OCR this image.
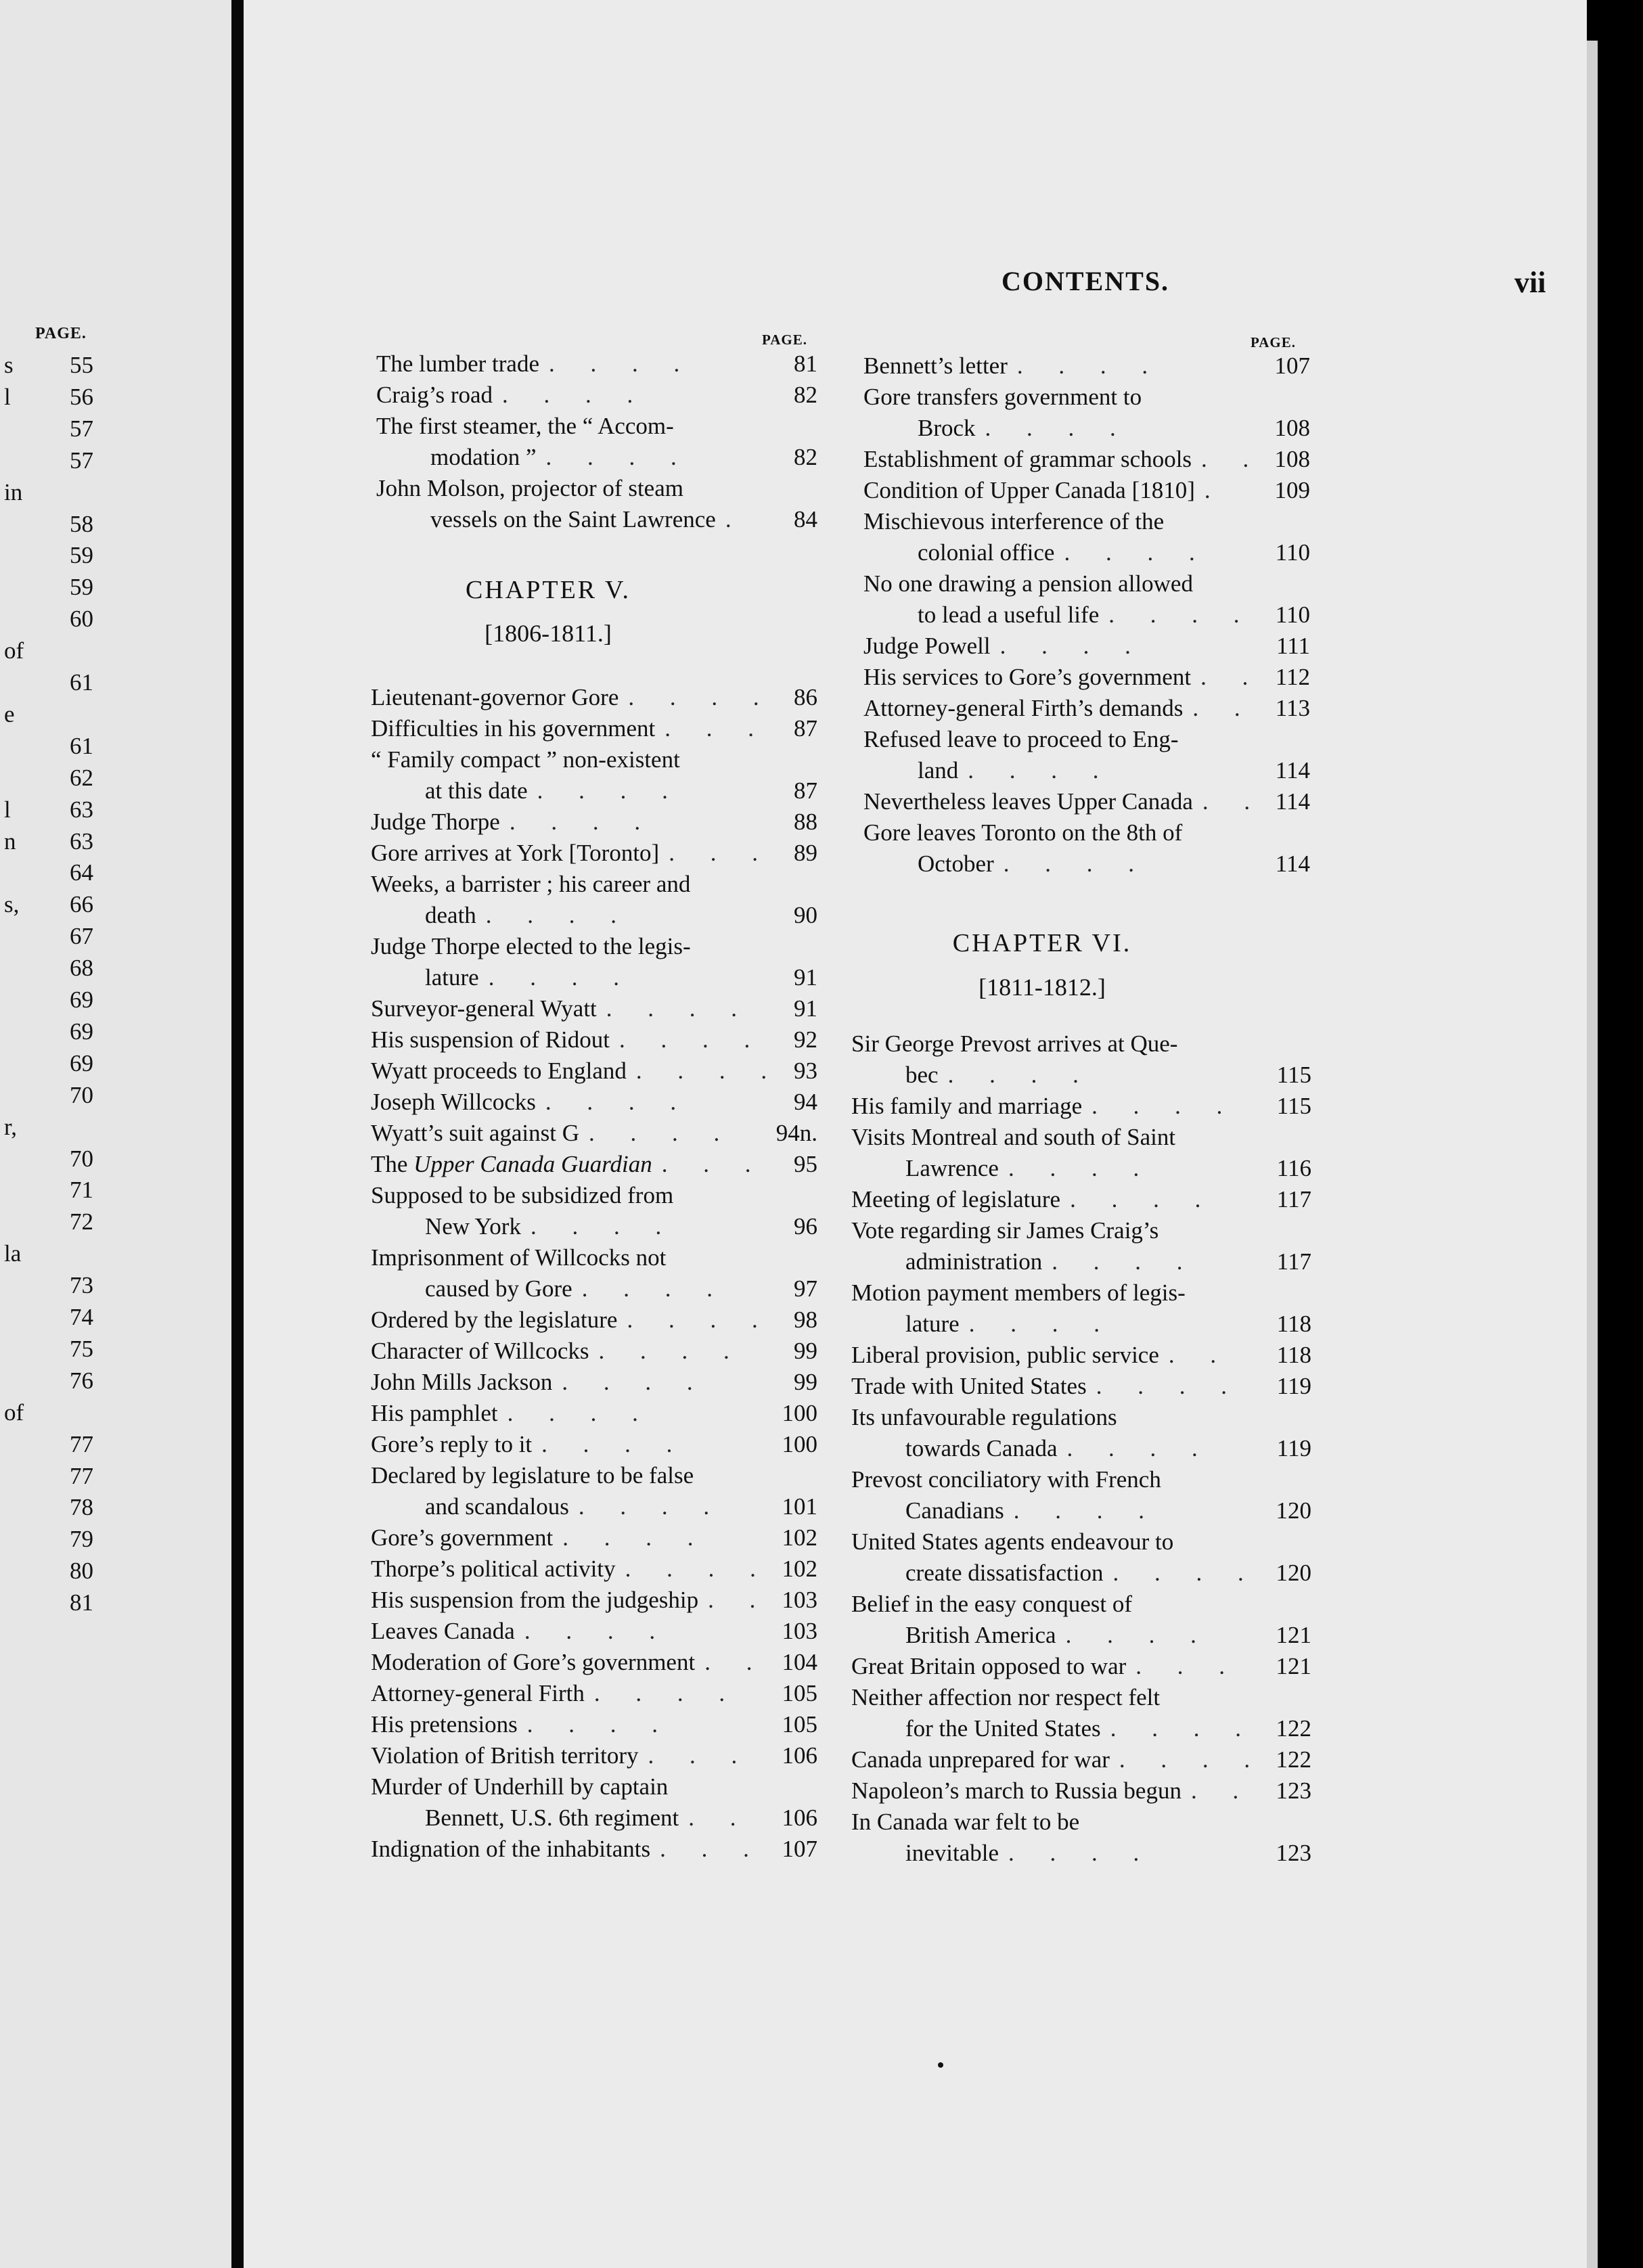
PAGE.
s 55
l 56
57
57
in
58
59
59
60
of
61
e
61
62
l 63
n 63
64
s, 66
67
68
69
69
69
70
r,
70
71
72
la
73
74
75
76
of
77
77
78
79
80
81
CONTENTS.	vii
PAGE.	PAGE.
CHAPTER V.
[1806-1811.]
CHAPTER VI.
[1811-1812.]
The lumber trade . . . .	81
Craig’s road . . . .	82
The first steamer, the “ Accom-
modation ” . . . .	82
John Molson, projector of steam
vessels on the Saint Lawrence . 84
Lieutenant-governor Gore . . . . 86
Difficulties in his government . . . 87
“ Family compact ” non-existent
at this date . . . .	87
Judge Thorpe . . . .	88
Gore arrives at York [Toronto] . . . 89
Weeks, a barrister ; his career and
death . . . .	90
Judge Thorpe elected to the legis-
lature . . . .	91
Surveyor-general Wyatt . . . . 91
His suspension of Ridout . . . . 92
Wyatt proceeds to England . . . . 93
Joseph Willcocks . . . .	94
Wyatt’s suit against G . . . . 94n.
The Upper Canada Guardian . . . 95
Supposed to be subsidized from
New York . . . .	96
Imprisonment of Willcocks not
caused by Gore . . . .	97
Ordered by the legislature . . . . 98
Character of Willcocks . . . . 99
John Mills Jackson . . . .	99
His pamphlet . . . .	100
Gore’s reply to it . . . .	100
Declared by legislature to be false
and scandalous . . . . 101
Gore’s government . . . .	102
Thorpe’s political activity . . . . 102
His suspension from the judgeship . . 103
Leaves Canada . . . .	103
Moderation of Gore’s government . . 104
Attorney-general Firth . . . . 105
His pretensions . . . .	105
Violation of British territory . . . 106
Murder of Underhill by captain
Bennett, U.S. 6th regiment . . 106
Indignation of the inhabitants . . . 107
Bennett’s letter . . . .	107
Gore transfers government to
Brock . . . .	108
Establishment of grammar schools . . 108
Condition of Upper Canada [1810] . 109
Mischievous interference of the
colonial office . . . .	110
No one drawing a pension allowed
to lead a useful life . . . . 110
Judge Powell . . . .	111
His services to Gore’s government . . 112
Attorney-general Firth’s demands . . 113
Refused leave to proceed to Eng-
land . . . .	114
Nevertheless leaves Upper Canada . . 114
Gore leaves Toronto on the 8th of
October . . . .	114
Sir George Prevost arrives at Que-
bec . . . .	115
His family and marriage . . . . 115
Visits Montreal and south of Saint
Lawrence . . . .	116
Meeting of legislature . . . .	117
Vote regarding sir James Craig’s
administration . . . .	117
Motion payment members of legis-
lature . . . .	118
Liberal provision, public service . . 118
Trade with United States . . . . 119
Its unfavourable regulations
towards Canada . . . .	119
Prevost conciliatory with French
Canadians . . . .	120
United States agents endeavour to
create dissatisfaction . . . . 120
Belief in the easy conquest of
British America . . . .	121
Great Britain opposed to war . . . 121
Neither affection nor respect felt
for the United States . . . . 122
Canada unprepared for war . . . . 122
Napoleon’s march to Russia begun . . 123
In Canada war felt to be
inevitable . . . .	123
